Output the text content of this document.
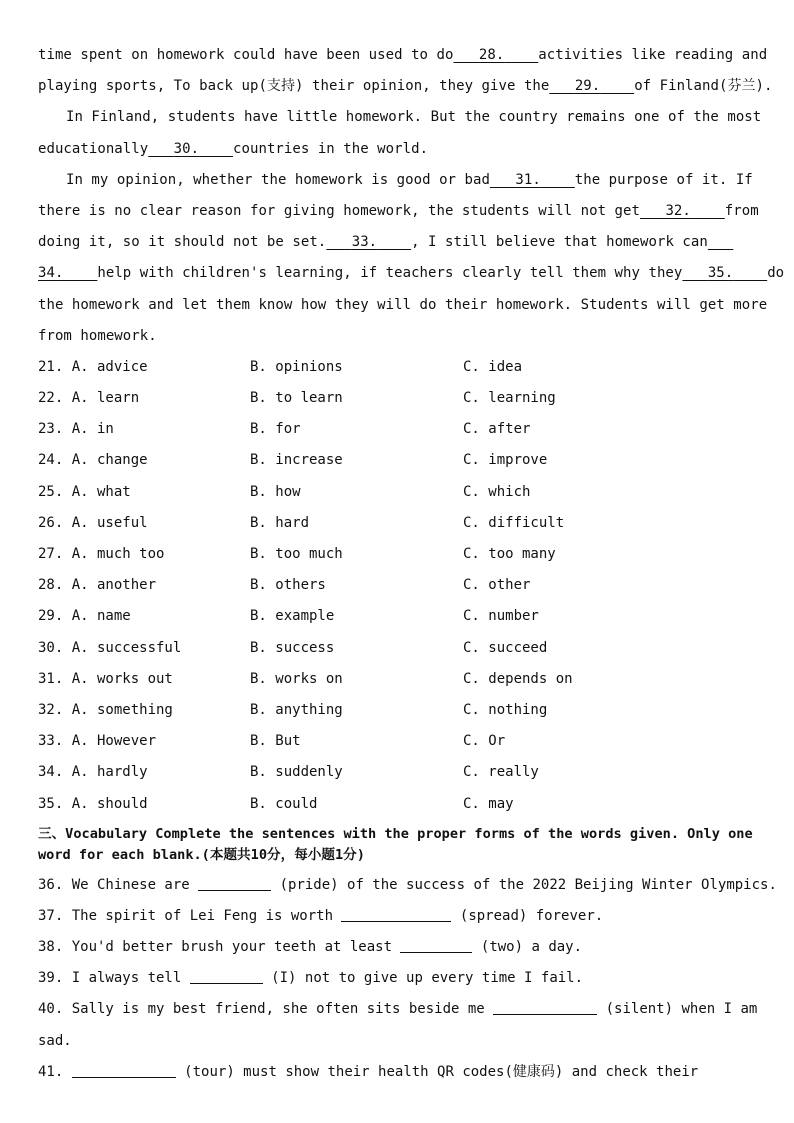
time spent on homework could have been used to do 28. activities like reading and
playing sports, To back up(支持) their opinion, they give the 29. of Finland(芬兰).
In Finland, students have little homework. But the country remains one of the most
educationally 30. countries in the world.
In my opinion, whether the homework is good or bad 31. the purpose of it. If
there is no clear reason for giving homework, the students will not get 32. from
doing it, so it should not be set. 33. , I still believe that homework can
34. help with children's learning, if teachers clearly tell them why they 35. do
the homework and let them know how they will do their homework. Students will get more
from homework.
21. A. advice	B. opinions	C. idea
22. A. learn	B. to learn	C. learning
23. A. in	B. for	C. after
24. A. change	B. increase	C. improve
25. A. what	B. how	C. which
26. A. useful	B. hard	C. difficult
27. A. much too	B. too much	C. too many
28. A. another	B. others	C. other
29. A. name	B. example	C. number
30. A. successful	B. success	C. succeed
31. A. works out	B. works on	C. depends on
32. A. something	B. anything	C. nothing
33. A. However	B. But	C. Or
34. A. hardly	B. suddenly	C. really
35. A. should	B. could	C. may
三、Vocabulary Complete the sentences with the proper forms of the words given. Only one word for each blank.(本题共10分，每小题1分)
36. We Chinese are	(pride) of the success of the 2022 Beijing Winter Olympics.
37. The spirit of Lei Feng is worth	(spread) forever.
38. You'd better brush your teeth at least	(two) a day.
39. I always tell	(I) not to give up every time I fail.
40. Sally is my best friend, she often sits beside me	(silent) when I am
sad.
41.	(tour) must show their health QR codes(健康码) and check their
